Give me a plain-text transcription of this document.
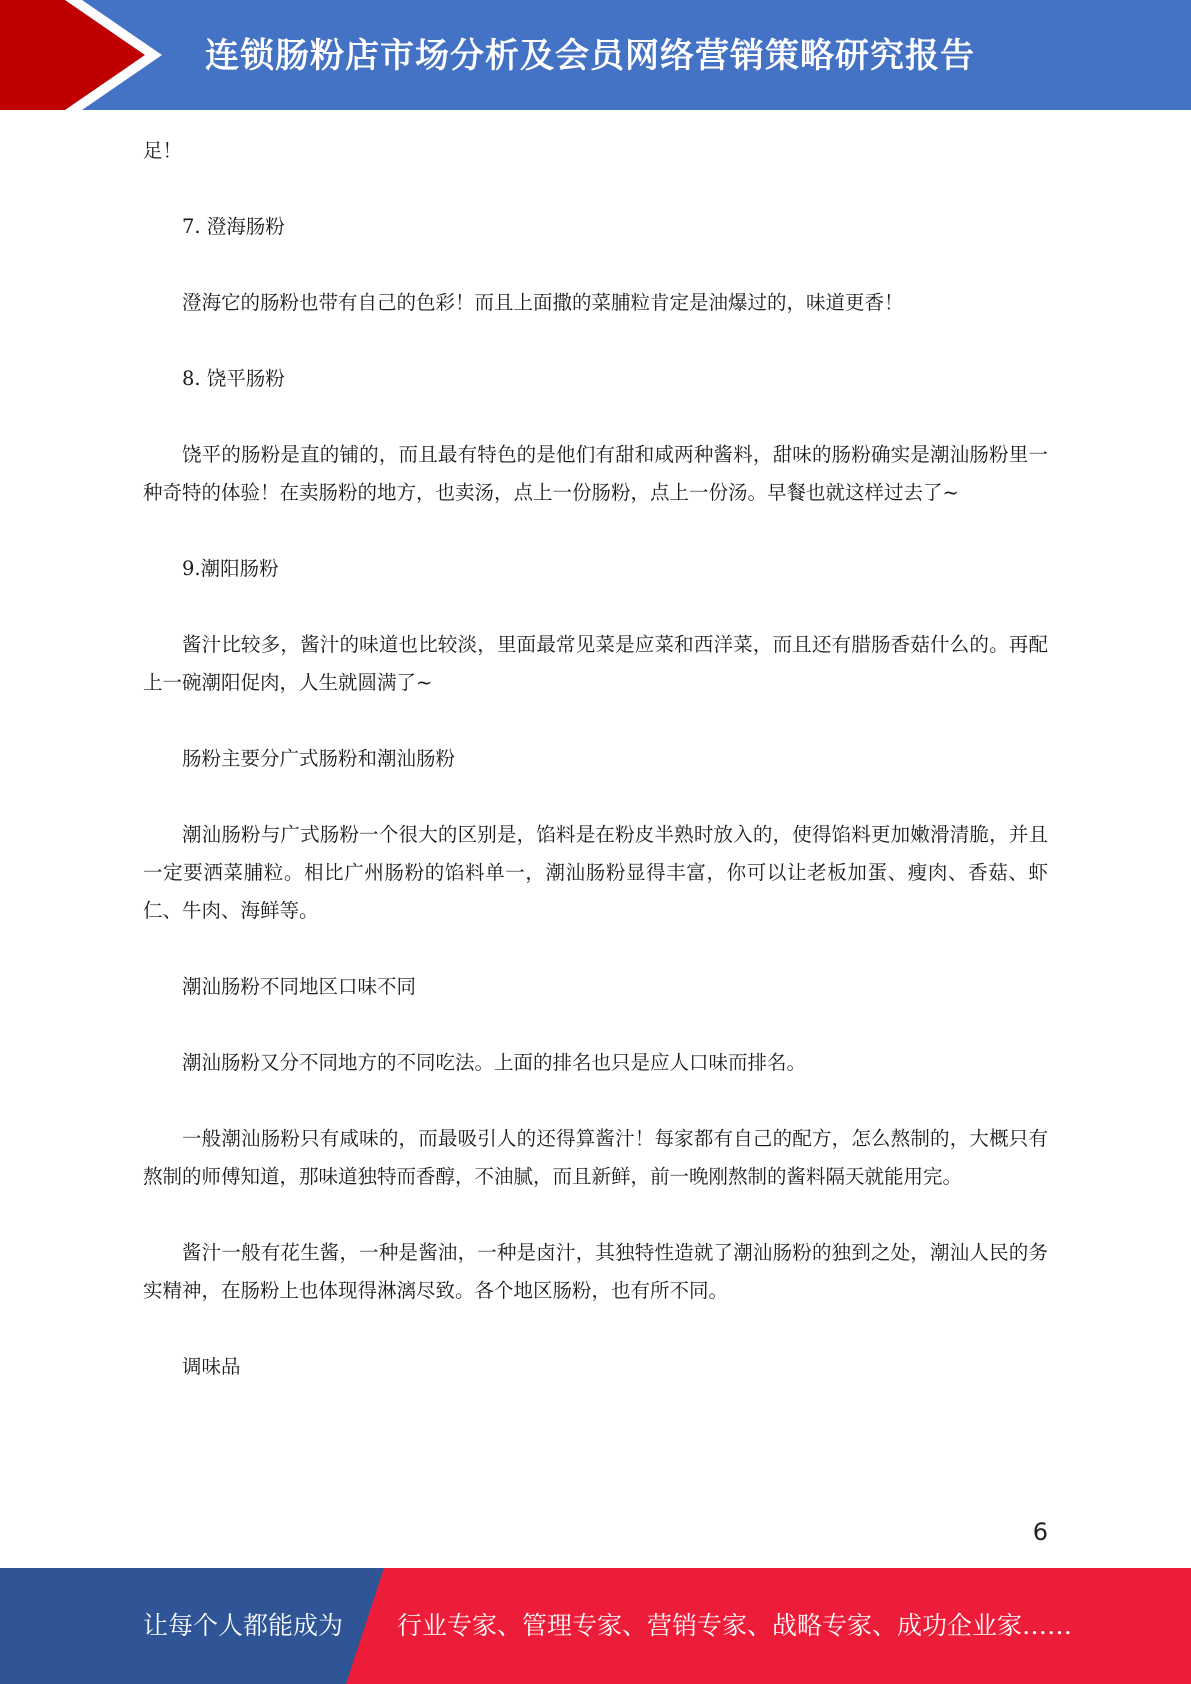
连锁肠粉店市场分析及会员网络营销策略研究报告

足！

7. 澄海肠粉

澄海它的肠粉也带有自己的色彩！而且上面撒的菜脯粒肯定是油爆过的，味道更香！

8. 饶平肠粉

饶平的肠粉是直的铺的，而且最有特色的是他们有甜和咸两种酱料，甜味的肠粉确实是潮汕肠粉里一种奇特的体验！在卖肠粉的地方，也卖汤，点上一份肠粉，点上一份汤。早餐也就这样过去了~

9.潮阳肠粉

酱汁比较多，酱汁的味道也比较淡，里面最常见菜是应菜和西洋菜，而且还有腊肠香菇什么的。再配上一碗潮阳促肉，人生就圆满了~

肠粉主要分广式肠粉和潮汕肠粉

潮汕肠粉与广式肠粉一个很大的区别是，馅料是在粉皮半熟时放入的，使得馅料更加嫩滑清脆，并且一定要洒菜脯粒。相比广州肠粉的馅料单一，潮汕肠粉显得丰富，你可以让老板加蛋、瘦肉、香菇、虾仁、牛肉、海鲜等。

潮汕肠粉不同地区口味不同

潮汕肠粉又分不同地方的不同吃法。上面的排名也只是应人口味而排名。

一般潮汕肠粉只有咸味的，而最吸引人的还得算酱汁！每家都有自己的配方，怎么熬制的，大概只有熬制的师傅知道，那味道独特而香醇，不油腻，而且新鲜，前一晚刚熬制的酱料隔天就能用完。

酱汁一般有花生酱，一种是酱油，一种是卤汁，其独特性造就了潮汕肠粉的独到之处，潮汕人民的务实精神，在肠粉上也体现得淋漓尽致。各个地区肠粉，也有所不同。

调味品

6
让每个人都能成为 行业专家、管理专家、营销专家、战略专家、成功企业家……
